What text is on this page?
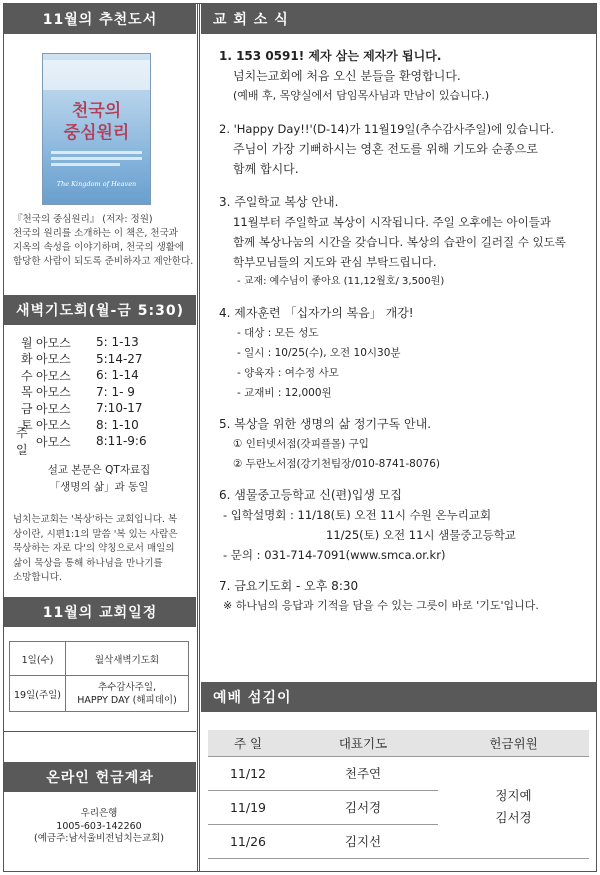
11월의 추천도서
천국의
중심원리
The Kingdom of Heaven
『천국의 중심원리』 (저자: 정원)
천국의 원리를 소개하는 이 책은, 천국과
지옥의 속성을 이야기하며, 천국의 생활에
합당한 사람이 되도록 준비하자고 제안한다.
새벽기도회(월-금 5:30)
월 아모스	5: 1-13
화 아모스	5:14-27
수 아모스	6: 1-14
목 아모스	7: 1- 9
금 아모스	7:10-17
토 아모스	8: 1-10
주일
아모스	8:11-9:6
설교 본문은 QT자료집
「생명의 삶」과 동일
넘치는교회는 '복상'하는 교회입니다. 복
상이란, 시편1:1의 말씀 '복 있는 사람은
묵상하는 자로 다'의 약칭으로서 매일의
삶이 묵상을 통해 하나님을 만나기를
소망합니다.
11월의 교회일정
1일(수)	월삭새벽기도회
19일(주일)	추수감사주일,
HAPPY DAY (해피데이)
온라인 헌금계좌
우리은행
1005-603-142260
(예금주:남서울비전넘치는교회)
교 회 소 식
1. 153 0591! 제자 삼는 제자가 됩니다.
넘치는교회에 처음 오신 분들을 환영합니다.
(예배 후, 목양실에서 담임목사님과 만남이 있습니다.)
2. 'Happy Day!!'(D-14)가 11월19일(추수감사주일)에 있습니다.
주님이 가장 기뻐하시는 영혼 전도를 위해 기도와 순종으로
함께 합시다.
3. 주일학교 복상 안내.
11월부터 주일학교 복상이 시작됩니다. 주일 오후에는 아이들과
함께 복상나눔의 시간을 갖습니다. 복상의 습관이 길러질 수 있도록
학부모님들의 지도와 관심 부탁드립니다.
- 교재: 예수님이 좋아요 (11,12월호/ 3,500원)
4. 제자훈련 「십자가의 복음」 개강!
- 대상 : 모든 성도
- 일시 : 10/25(수), 오전 10시30분
- 양육자 : 여수정 사모
- 교재비 : 12,000원
5. 복상을 위한 생명의 삶 정기구독 안내.
① 인터넷서점(갓피플몰) 구입
② 두란노서점(강기천팀장/010-8741-8076)
6. 샘물중고등학교 신(편)입생 모집
- 입학설명회 : 11/18(토) 오전 11시 수원 온누리교회
11/25(토) 오전 11시 샘물중고등학교
- 문의 : 031-714-7091(www.smca.or.kr)
7. 금요기도회 - 오후 8:30
※ 하나님의 응답과 기적을 담을 수 있는 그릇이 바로 '기도'입니다.
예배 섬김이
주 일	대표기도	헌금위원
11/12	천주연	정지예
김서경

11/19	김서경	
11/26	김지선	
